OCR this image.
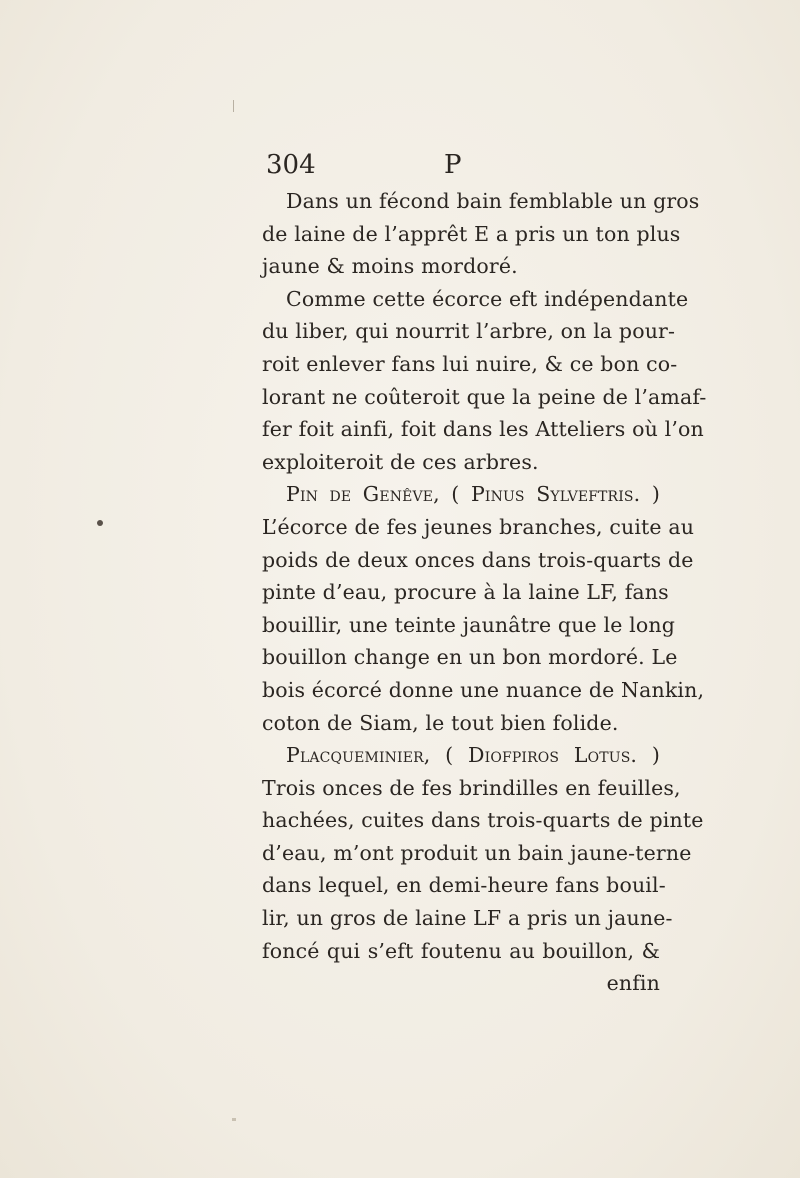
304	P
Dans un fécond bain femblable un gros
de laine de l’apprêt E a pris un ton plus
jaune & moins mordoré.
Comme cette écorce eft indépendante
du liber, qui nourrit l’arbre, on la pour-
roit enlever fans lui nuire, & ce bon co-
lorant ne coûteroit que la peine de l’amaf-
fer foit ainfi, foit dans les Atteliers où l’on
exploiteroit de ces arbres.
Pin de Genêve, ( Pinus Sylveftris. )
L’écorce de fes jeunes branches, cuite au
poids de deux onces dans trois-quarts de
pinte d’eau, procure à la laine LF, fans
bouillir, une teinte jaunâtre que le long
bouillon change en un bon mordoré. Le
bois écorcé donne une nuance de Nankin,
coton de Siam, le tout bien folide.
Placqueminier, ( Diofpiros Lotus. )
Trois onces de fes brindilles en feuilles,
hachées, cuites dans trois-quarts de pinte
d’eau, m’ont produit un bain jaune-terne
dans lequel, en demi-heure fans bouil-
lir, un gros de laine LF a pris un jaune-
foncé qui s’eft foutenu au bouillon, &
enfin
